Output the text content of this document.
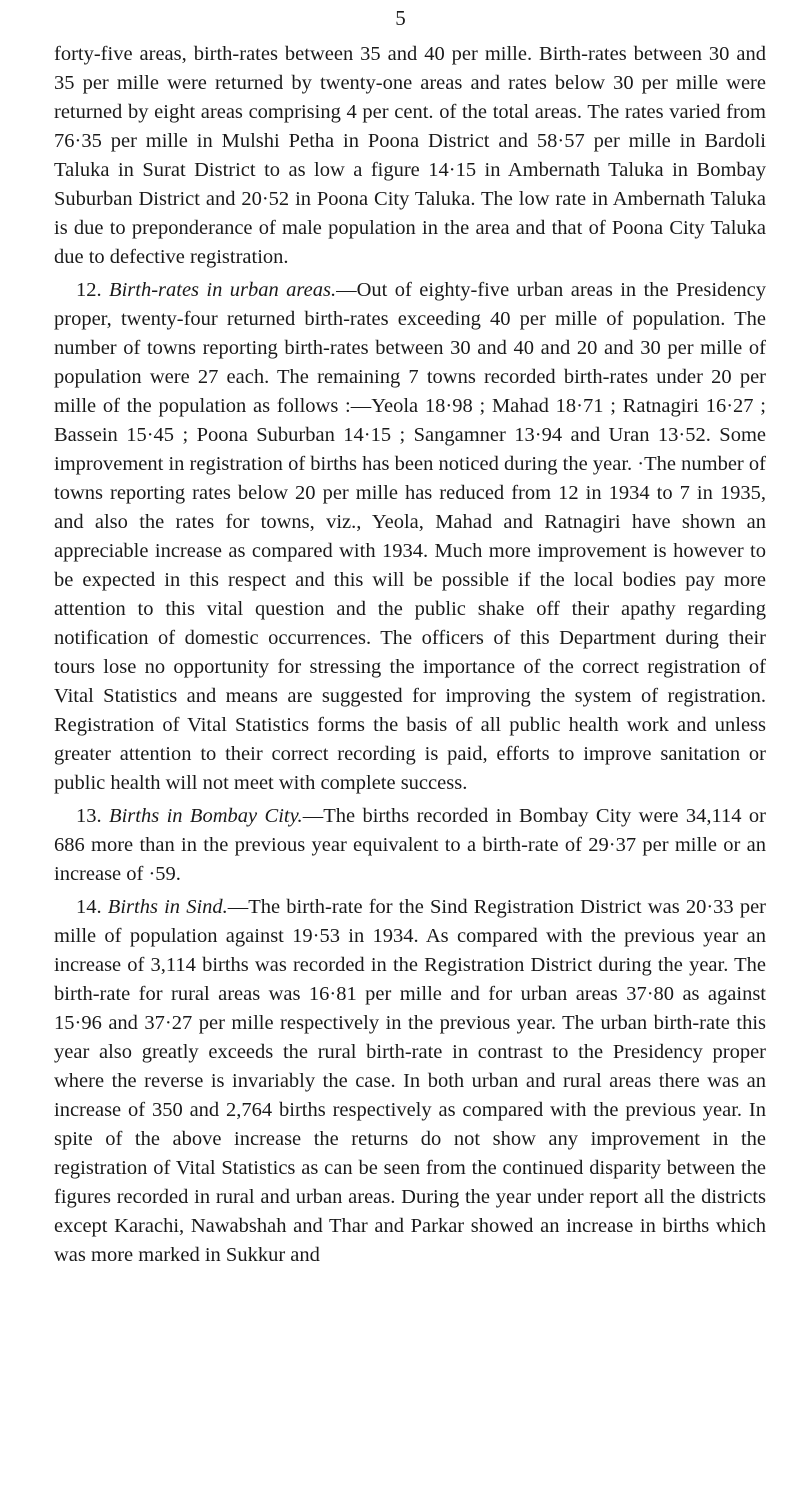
5

forty-five areas, birth-rates between 35 and 40 per mille. Birth-rates between 30 and 35 per mille were returned by twenty-one areas and rates below 30 per mille were returned by eight areas comprising 4 per cent. of the total areas. The rates varied from 76·35 per mille in Mulshi Petha in Poona District and 58·57 per mille in Bardoli Taluka in Surat District to as low a figure 14·15 in Ambernath Taluka in Bombay Suburban District and 20·52 in Poona City Taluka. The low rate in Ambernath Taluka is due to preponderance of male population in the area and that of Poona City Taluka due to defective registration.

12. Birth-rates in urban areas.—Out of eighty-five urban areas in the Presidency proper, twenty-four returned birth-rates exceeding 40 per mille of population. The number of towns reporting birth-rates between 30 and 40 and 20 and 30 per mille of population were 27 each. The remaining 7 towns recorded birth-rates under 20 per mille of the population as follows :—Yeola 18·98 ; Mahad 18·71 ; Ratnagiri 16·27 ; Bassein 15·45 ; Poona Suburban 14·15 ; Sangamner 13·94 and Uran 13·52. Some improvement in registration of births has been noticed during the year. ·The number of towns reporting rates below 20 per mille has reduced from 12 in 1934 to 7 in 1935, and also the rates for towns, viz., Yeola, Mahad and Ratnagiri have shown an appreciable increase as compared with 1934. Much more improvement is however to be expected in this respect and this will be possible if the local bodies pay more attention to this vital question and the public shake off their apathy regarding notification of domestic occurrences. The officers of this Department during their tours lose no opportunity for stressing the importance of the correct registration of Vital Statistics and means are suggested for improving the system of registration. Registration of Vital Statistics forms the basis of all public health work and unless greater attention to their correct recording is paid, efforts to improve sanitation or public health will not meet with complete success.

13. Births in Bombay City.—The births recorded in Bombay City were 34,114 or 686 more than in the previous year equivalent to a birth-rate of 29·37 per mille or an increase of ·59.

14. Births in Sind.—The birth-rate for the Sind Registration District was 20·33 per mille of population against 19·53 in 1934. As compared with the previous year an increase of 3,114 births was recorded in the Registration District during the year. The birth-rate for rural areas was 16·81 per mille and for urban areas 37·80 as against 15·96 and 37·27 per mille respectively in the previous year. The urban birth-rate this year also greatly exceeds the rural birth-rate in contrast to the Presidency proper where the reverse is invariably the case. In both urban and rural areas there was an increase of 350 and 2,764 births respectively as compared with the previous year. In spite of the above increase the returns do not show any improvement in the registration of Vital Statistics as can be seen from the continued disparity between the figures recorded in rural and urban areas. During the year under report all the districts except Karachi, Nawabshah and Thar and Parkar showed an increase in births which was more marked in Sukkur and
